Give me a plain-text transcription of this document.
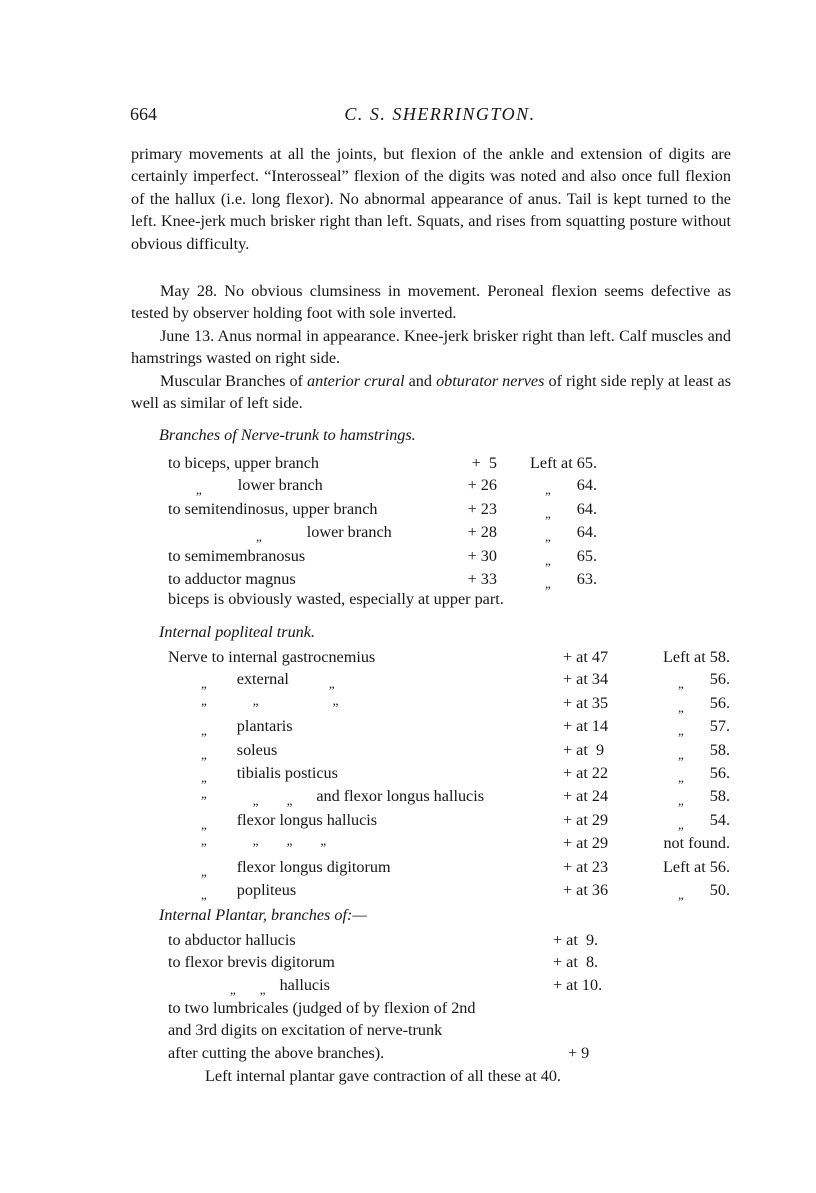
664	C. S. SHERRINGTON.

primary movements at all the joints, but flexion of the ankle and extension of digits are certainly imperfect. “Interosseal” flexion of the digits was noted and also once full flexion of the hallux (i.e. long flexor). No abnormal appearance of anus. Tail is kept turned to the left. Knee-jerk much brisker right than left. Squats, and rises from squatting posture without obvious difficulty.

May 28. No obvious clumsiness in movement. Peroneal flexion seems defective as tested by observer holding foot with sole inverted.

June 13. Anus normal in appearance. Knee-jerk brisker right than left. Calf muscles and hamstrings wasted on right side.

Muscular Branches of anterior crural and obturator nerves of right side reply at least as well as similar of left side.

Branches of Nerve-trunk to hamstrings.
to biceps, upper branch	+  5	Left at 65.
„ lower branch	+ 26	„ 64.
to semitendinosus, upper branch	+ 23	„ 64.
„ lower branch	+ 28	„ 64.
to semimembranosus	+ 30	„ 65.
to adductor magnus	+ 33	„ 63.
biceps is obviously wasted, especially at upper part.
Internal popliteal trunk.
Nerve to internal gastrocnemius	+ at 47	Left at 58.
„ external „	+ at 34	„ 56.
” ” ”	+ at 35	„ 56.
„ plantaris	+ at 14	„ 57.
„ soleus	+ at  9	„ 58.
„ tibialis posticus	+ at 22	„ 56.
” „ „ and flexor longus hallucis	+ at 24	„ 58.
„ flexor longus hallucis	+ at 29	„ 54.
” ” ” ”	+ at 29	not found.
„ flexor longus digitorum	+ at 23	Left at 56.
„ popliteus	+ at 36	„ 50.
Internal Plantar, branches of:—
to abductor hallucis	+ at  9.
to flexor brevis digitorum	+ at  8.
„ „ hallucis	+ at 10.
to two lumbricales (judged of by flexion of 2nd
and 3rd digits on excitation of nerve-trunk
after cutting the above branches).	+ 9
Left internal plantar gave contraction of all these at 40.
